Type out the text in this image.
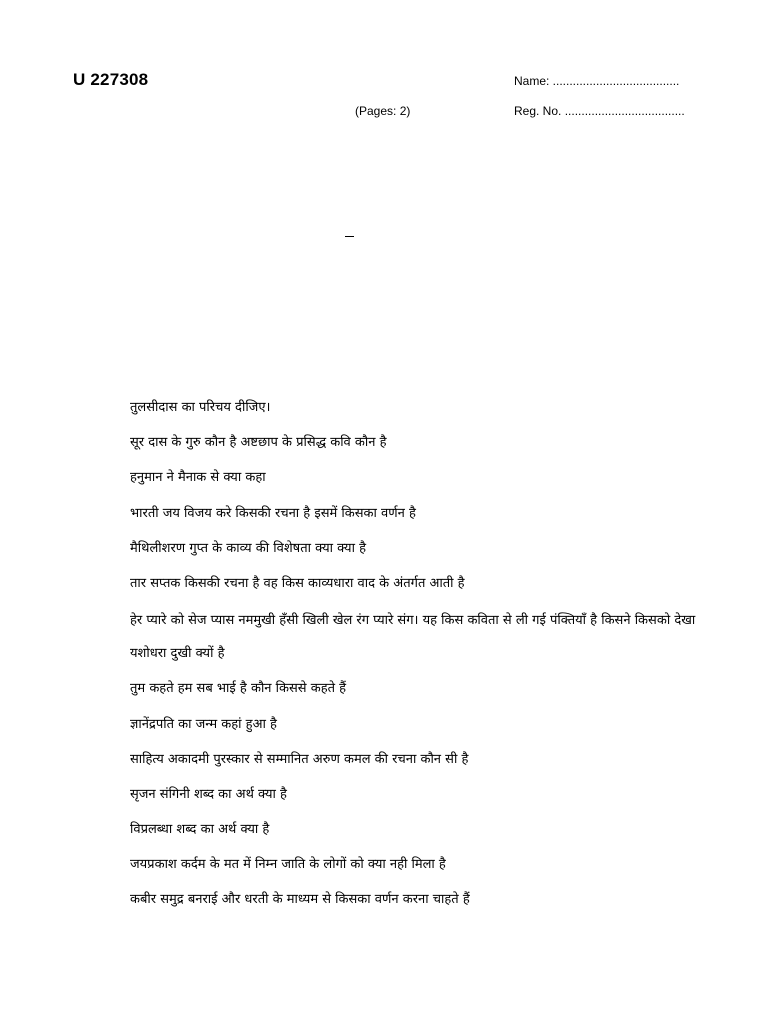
U 227308	Name: ......................................
(Pages: 2)	Reg. No. ....................................
तुलसीदास का परिचय दीजिए।
सूर दास के गुरु कौन है अष्टछाप के प्रसिद्ध कवि कौन है
हनुमान ने मैनाक से क्या कहा
भारती जय विजय करे किसकी रचना है इसमें किसका वर्णन है
मैथिलीशरण गुप्त के काव्य की विशेषता क्या क्या है
तार सप्तक किसकी रचना है वह किस काव्यधारा वाद के अंतर्गत आती है
हेर प्यारे को सेज प्यास नममुखी हँसी खिली खेल रंग प्यारे संग। यह किस कविता से ली गई पंक्तियाँ है किसने किसको देखा
यशोधरा दुखी क्यों है
तुम कहते हम सब भाई है कौन किससे कहते हैं
ज्ञानेंद्रपति का जन्म कहां हुआ है
साहित्य अकादमी पुरस्कार से सम्मानित अरुण कमल की रचना कौन सी है
सृजन संगिनी शब्द का अर्थ क्या है
विप्रलब्धा शब्द का अर्थ क्या है
जयप्रकाश कर्दम के मत में निम्न जाति के लोगों को क्या नही मिला है
कबीर समुद्र बनराई और धरती के माध्यम से किसका वर्णन करना चाहते हैं
